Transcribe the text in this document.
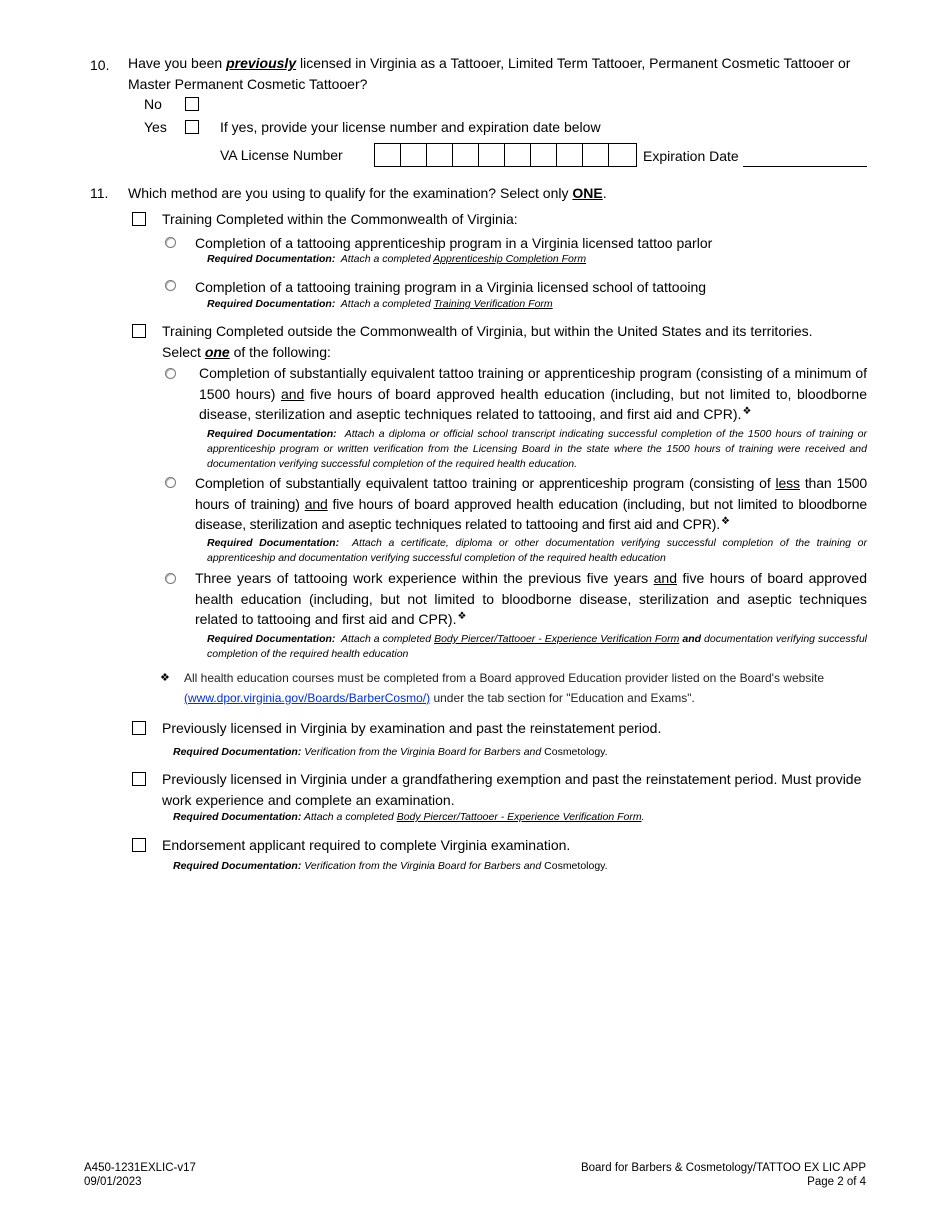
10. Have you been previously licensed in Virginia as a Tattooer, Limited Term Tattooer, Permanent Cosmetic Tattooer or Master Permanent Cosmetic Tattooer?
No
Yes	If yes, provide your license number and expiration date below
VA License Number	Expiration Date
11. Which method are you using to qualify for the examination? Select only ONE.
Training Completed within the Commonwealth of Virginia:
Completion of a tattooing apprenticeship program in a Virginia licensed tattoo parlor
Required Documentation: Attach a completed Apprenticeship Completion Form
Completion of a tattooing training program in a Virginia licensed school of tattooing
Required Documentation: Attach a completed Training Verification Form
Training Completed outside the Commonwealth of Virginia, but within the United States and its territories.
Select one of the following:
Completion of substantially equivalent tattoo training or apprenticeship program (consisting of a minimum of 1500 hours) and five hours of board approved health education (including, but not limited to, bloodborne disease, sterilization and aseptic techniques related to tattooing, and first aid and CPR).❖
Required Documentation: Attach a diploma or official school transcript indicating successful completion of the 1500 hours of training or apprenticeship program or written verification from the Licensing Board in the state where the 1500 hours of training were received and documentation verifying successful completion of the required health education.
Completion of substantially equivalent tattoo training or apprenticeship program (consisting of less than 1500 hours of training) and five hours of board approved health education (including, but not limited to bloodborne disease, sterilization and aseptic techniques related to tattooing and first aid and CPR).❖
Required Documentation: Attach a certificate, diploma or other documentation verifying successful completion of the training or apprenticeship and documentation verifying successful completion of the required health education
Three years of tattooing work experience within the previous five years and five hours of board approved health education (including, but not limited to bloodborne disease, sterilization and aseptic techniques related to tattooing and first aid and CPR).❖
Required Documentation: Attach a completed Body Piercer/Tattooer - Experience Verification Form and documentation verifying successful completion of the required health education
❖ All health education courses must be completed from a Board approved Education provider listed on the Board's website (www.dpor.virginia.gov/Boards/BarberCosmo/) under the tab section for "Education and Exams".
Previously licensed in Virginia by examination and past the reinstatement period.
Required Documentation: Verification from the Virginia Board for Barbers and Cosmetology.
Previously licensed in Virginia under a grandfathering exemption and past the reinstatement period. Must provide work experience and complete an examination.
Required Documentation: Attach a completed Body Piercer/Tattooer - Experience Verification Form.
Endorsement applicant required to complete Virginia examination.
Required Documentation: Verification from the Virginia Board for Barbers and Cosmetology.
A450-1231EXLIC-v17
09/01/2023
Board for Barbers & Cosmetology/TATTOO EX LIC APP
Page 2 of 4
